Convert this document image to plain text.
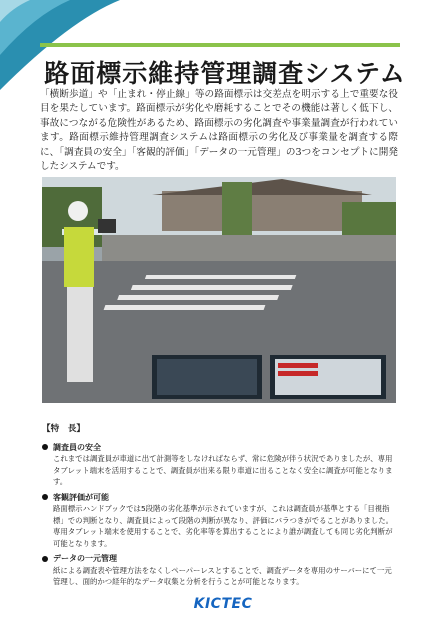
路面標示維持管理調査システム
「横断歩道」や「止まれ・停止線」等の路面標示は交差点を明示する上で重要な役目を果たしています。路面標示が劣化や磨耗することでその機能は著しく低下し、事故につながる危険性があるため、路面標示の劣化調査や事業量調査が行われています。路面標示維持管理調査システムは路面標示の劣化及び事業量を調査する際に、「調査員の安全」「客観的評価」「データの一元管理」の3つをコンセプトに開発したシステムです。
【特　長】
調査員の安全
これまでは調査員が車道に出て計測等をしなければならず、常に危険が伴う状況でありましたが、専用タブレット端末を活用することで、調査員が出来る限り車道に出ることなく安全に調査が可能となります。
客観評価が可能
路面標示ハンドブックでは5段階の劣化基準が示されていますが、これは調査員が基準とする「目視指標」での判断となり、調査員によって段階の判断が異なり、評価にバラつきがでることがありました。専用タブレット端末を使用することで、劣化率等を算出することにより誰が調査しても同じ劣化判断が可能となります。
データの一元管理
紙による調査表や管理方法をなくしペーパーレスとすることで、調査データを専用のサーバーにて一元管理し、面的かつ経年的なデータ収集と分析を行うことが可能となります。
KICTEC
